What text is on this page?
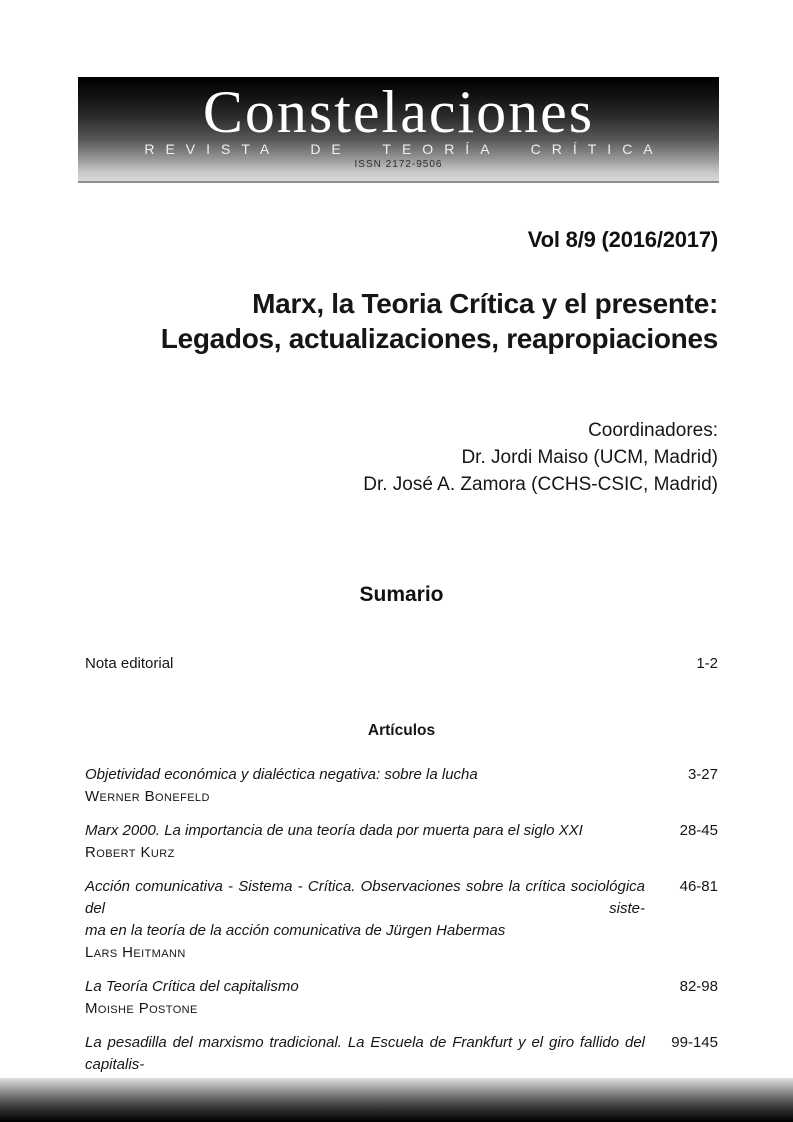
Constelaciones
REVISTA DE TEORÍA CRÍTICA
ISSN 2172-9506
Vol 8/9 (2016/2017)
Marx, la Teoria Crítica y el presente:
Legados, actualizaciones, reapropiaciones
Coordinadores:
Dr. Jordi Maiso (UCM, Madrid)
Dr. José A. Zamora (CCHS-CSIC, Madrid)
Sumario
Nota editorial	1-2
Artículos
Objetividad económica y dialéctica negativa: sobre la lucha
Werner Bonefeld
3-27
Marx 2000. La importancia de una teoría dada por muerta para el siglo XXI
Robert Kurz
28-45
Acción comunicativa - Sistema - Crítica. Observaciones sobre la crítica sociológica del siste-
ma en la teoría de la acción comunicativa de Jürgen Habermas
Lars Heitmann
46-81
La Teoría Crítica del capitalismo
Moishe Postone
82-98
La pesadilla del marxismo tradicional. La Escuela de Frankfurt y el giro fallido del capitalis-
99-145
